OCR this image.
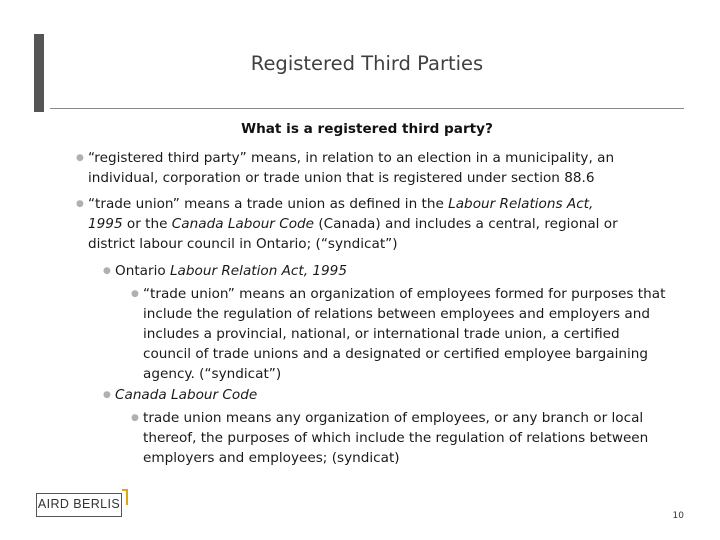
Registered Third Parties
What is a registered third party?
● “registered third party” means, in relation to an election in a municipality, an individual, corporation or trade union that is registered under section 88.6
● “trade union” means a trade union as defined in the Labour Relations Act,
1995 or the Canada Labour Code (Canada) and includes a central, regional or district labour council in Ontario; (“syndicat”)
● Ontario Labour Relation Act, 1995
● “trade union” means an organization of employees formed for purposes that include the regulation of relations between employees and employers and includes a provincial, national, or international trade union, a certified council of trade unions and a designated or certified employee bargaining agency. (“syndicat”)
● Canada Labour Code
● trade union means any organization of employees, or any branch or local thereof, the purposes of which include the regulation of relations between employers and employees; (syndicat)
AIRD BERLIS
10
